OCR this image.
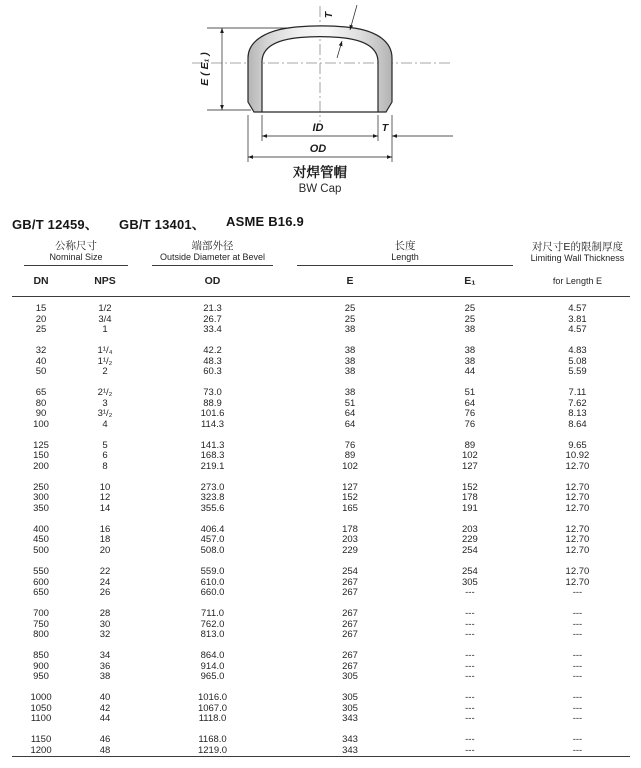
T
E ( E₁ )
ID	T
OD
对焊管帽
BW Cap
GB/T 12459、 GB/T 13401、 ASME B16.9
公称尺寸
Nominal Size		端部外径
Outside Diameter at Bevel	长度
Length		对尺寸E的限制厚度
Limiting Wall Thickness

DN	NPS	OD	E	E₁	for Length E
15	1/2	21.3	25	25	4.57
20	3/4	26.7	25	25	3.81
25	1	33.4	38	38	4.57

32	1¹/₄	42.2	38	38	4.83
40	1¹/₂	48.3	38	38	5.08
50	2	60.3	38	44	5.59

65	2¹/₂	73.0	38	51	7.11
80	3	88.9	51	64	7.62
90	3¹/₂	101.6	64	76	8.13
100	4	114.3	64	76	8.64

125	5	141.3	76	89	9.65
150	6	168.3	89	102	10.92
200	8	219.1	102	127	12.70

250	10	273.0	127	152	12.70
300	12	323.8	152	178	12.70
350	14	355.6	165	191	12.70

400	16	406.4	178	203	12.70
450	18	457.0	203	229	12.70
500	20	508.0	229	254	12.70

550	22	559.0	254	254	12.70
600	24	610.0	267	305	12.70
650	26	660.0	267	---	---

700	28	711.0	267	---	---
750	30	762.0	267	---	---
800	32	813.0	267	---	---

850	34	864.0	267	---	---
900	36	914.0	267	---	---
950	38	965.0	305	---	---

1000	40	1016.0	305	---	---
1050	42	1067.0	305	---	---
1100	44	1118.0	343	---	---

1150	46	1168.0	343	---	---
1200	48	1219.0	343	---	---
